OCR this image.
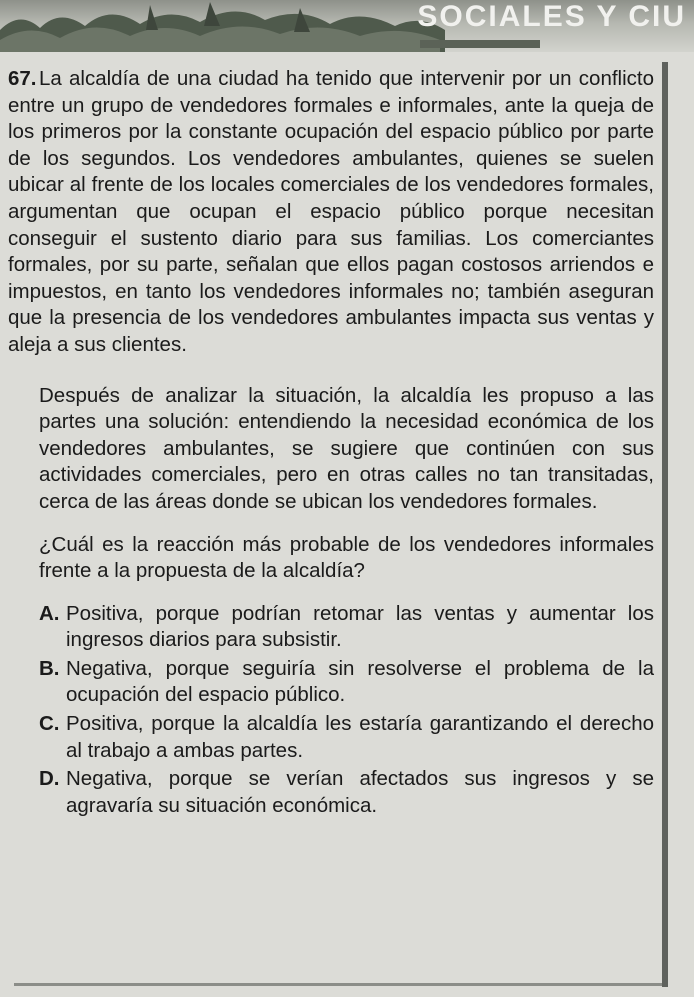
SOCIALES Y CIU

67. La alcaldía de una ciudad ha tenido que intervenir por un conflicto entre un grupo de vendedores formales e informales, ante la queja de los primeros por la constante ocupación del espacio público por parte de los segundos. Los vendedores ambulantes, quienes se suelen ubicar al frente de los locales comerciales de los vendedores formales, argumentan que ocupan el espacio público porque necesitan conseguir el sustento diario para sus familias. Los comerciantes formales, por su parte, señalan que ellos pagan costosos arriendos e impuestos, en tanto los vendedores informales no; también aseguran que la presencia de los vendedores ambulantes impacta sus ventas y aleja a sus clientes.

Después de analizar la situación, la alcaldía les propuso a las partes una solución: entendiendo la necesidad económica de los vendedores ambulantes, se sugiere que continúen con sus actividades comerciales, pero en otras calles no tan transitadas, cerca de las áreas donde se ubican los vendedores formales.

¿Cuál es la reacción más probable de los vendedores informales frente a la propuesta de la alcaldía?

A. Positiva, porque podrían retomar las ventas y aumentar los ingresos diarios para subsistir.
B. Negativa, porque seguiría sin resolverse el problema de la ocupación del espacio público.
C. Positiva, porque la alcaldía les estaría garantizando el derecho al trabajo a ambas partes.
D. Negativa, porque se verían afectados sus ingresos y se agravaría su situación económica.
